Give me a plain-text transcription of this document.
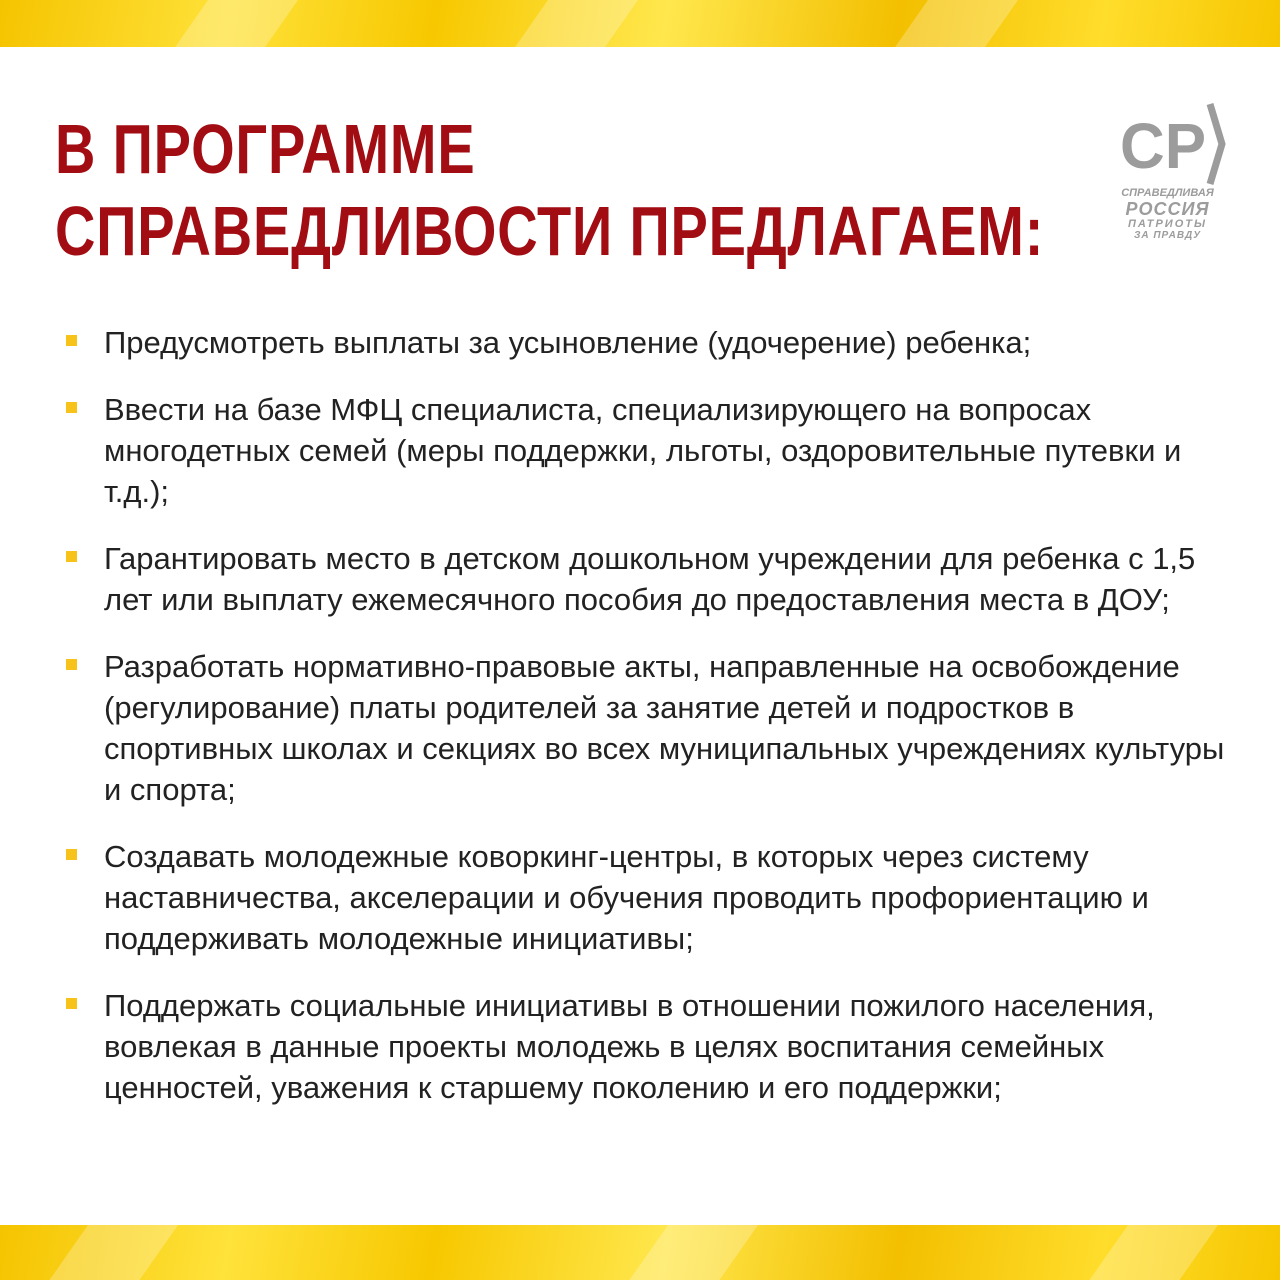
В ПРОГРАММЕ
СПРАВЕДЛИВОСТИ ПРЕДЛАГАЕМ:
СР
СПРАВЕДЛИВАЯ
РОССИЯ
ПАТРИОТЫ
ЗА ПРАВДУ
Предусмотреть выплаты за усыновление (удочерение) ребенка;
Ввести на базе МФЦ специалиста, специализирующего на вопросах многодетных семей (меры поддержки, льготы, оздоровительные путевки и т.д.);
Гарантировать место в детском дошкольном учреждении для ребенка с 1,5 лет или выплату ежемесячного пособия до предоставления места в ДОУ;
Разработать нормативно-правовые акты, направленные на освобождение (регулирование) платы родителей за занятие детей и подростков в спортивных школах и секциях во всех муниципальных учреждениях культуры и спорта;
Создавать молодежные коворкинг-центры, в которых через систему наставничества, акселерации и обучения проводить профориентацию и поддерживать молодежные инициативы;
Поддержать социальные инициативы в отношении пожилого населения, вовлекая в данные проекты молодежь в целях воспитания семейных ценностей, уважения к старшему поколению и его поддержки;
